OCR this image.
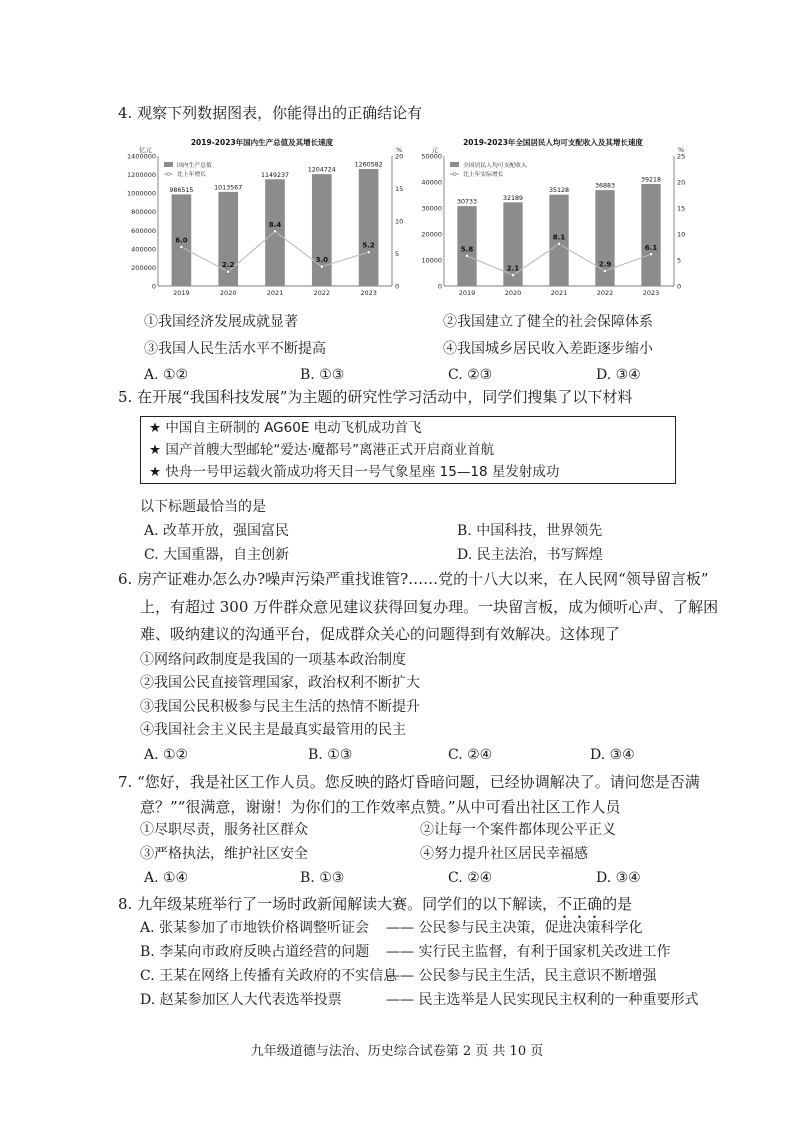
4. 观察下列数据图表，你能得出的正确结论有
2019-2023年国内生产总值及其增长速度
亿元	%
0
200000
400000
600000
800000
1000000
1200000
1400000
0
5
10
15
20
986515
2019
1013567
2020
1149237
2021
1204724
2022
1260582
2023
6.0
2.2
8.4
3.0
5.2
国内生产总值
比上年增长
2019-2023年全国居民人均可支配收入及其增长速度
元	%
0
10000
20000
30000
40000
50000
0
5
10
15
20
25
30733
2019
32189
2020
35128
2021
36883
2022
39218
2023
5.8
2.1
8.1
2.9
6.1
全国居民人均可支配收入
比上年实际增长
①我国经济发展成就显著	②我国建立了健全的社会保障体系
③我国人民生活水平不断提高	④我国城乡居民收入差距逐步缩小
A. ①②	B. ①③	C. ②③	D. ③④
5. 在开展“我国科技发展”为主题的研究性学习活动中，同学们搜集了以下材料
★ 中国自主研制的 AG60E 电动飞机成功首飞
★ 国产首艘大型邮轮“爱达·魔都号”离港正式开启商业首航
★ 快舟一号甲运载火箭成功将天目一号气象星座 15—18 星发射成功
以下标题最恰当的是
A. 改革开放，强国富民	B. 中国科技，世界领先
C. 大国重器，自主创新	D. 民主法治，书写辉煌
6. 房产证难办怎么办?噪声污染严重找谁管?……党的十八大以来，在人民网“领导留言板”
上，有超过 300 万件群众意见建议获得回复办理。一块留言板，成为倾听心声、了解困
难、吸纳建议的沟通平台，促成群众关心的问题得到有效解决。这体现了
①网络问政制度是我国的一项基本政治制度
②我国公民直接管理国家，政治权利不断扩大
③我国公民积极参与民主生活的热情不断提升
④我国社会主义民主是最真实最管用的民主
A. ①②	B. ①③	C. ②④	D. ③④
7. “您好，我是社区工作人员。您反映的路灯昏暗问题，已经协调解决了。请问您是否满
意？”“很满意，谢谢！为你们的工作效率点赞。”从中可看出社区工作人员
①尽职尽责，服务社区群众	②让每一个案件都体现公平正义
③严格执法，维护社区安全	④努力提升社区居民幸福感
A. ①④	B. ①③	C. ②④	D. ③④
8. 九年级某班举行了一场时政新闻解读大赛。同学们的以下解读，不正确的是
A. 张某参加了市地铁价格调整听证会 —— 公民参与民主决策，促进决策科学化
B. 李某向市政府反映占道经营的问题 —— 实行民主监督，有利于国家机关改进工作
C. 王某在网络上传播有关政府的不实信息
—— 公民参与民主生活，民主意识不断增强
D. 赵某参加区人大代表选举投票	—— 民主选举是人民实现民主权利的一种重要形式
九年级道德与法治、历史综合试卷第 2 页 共 10 页
